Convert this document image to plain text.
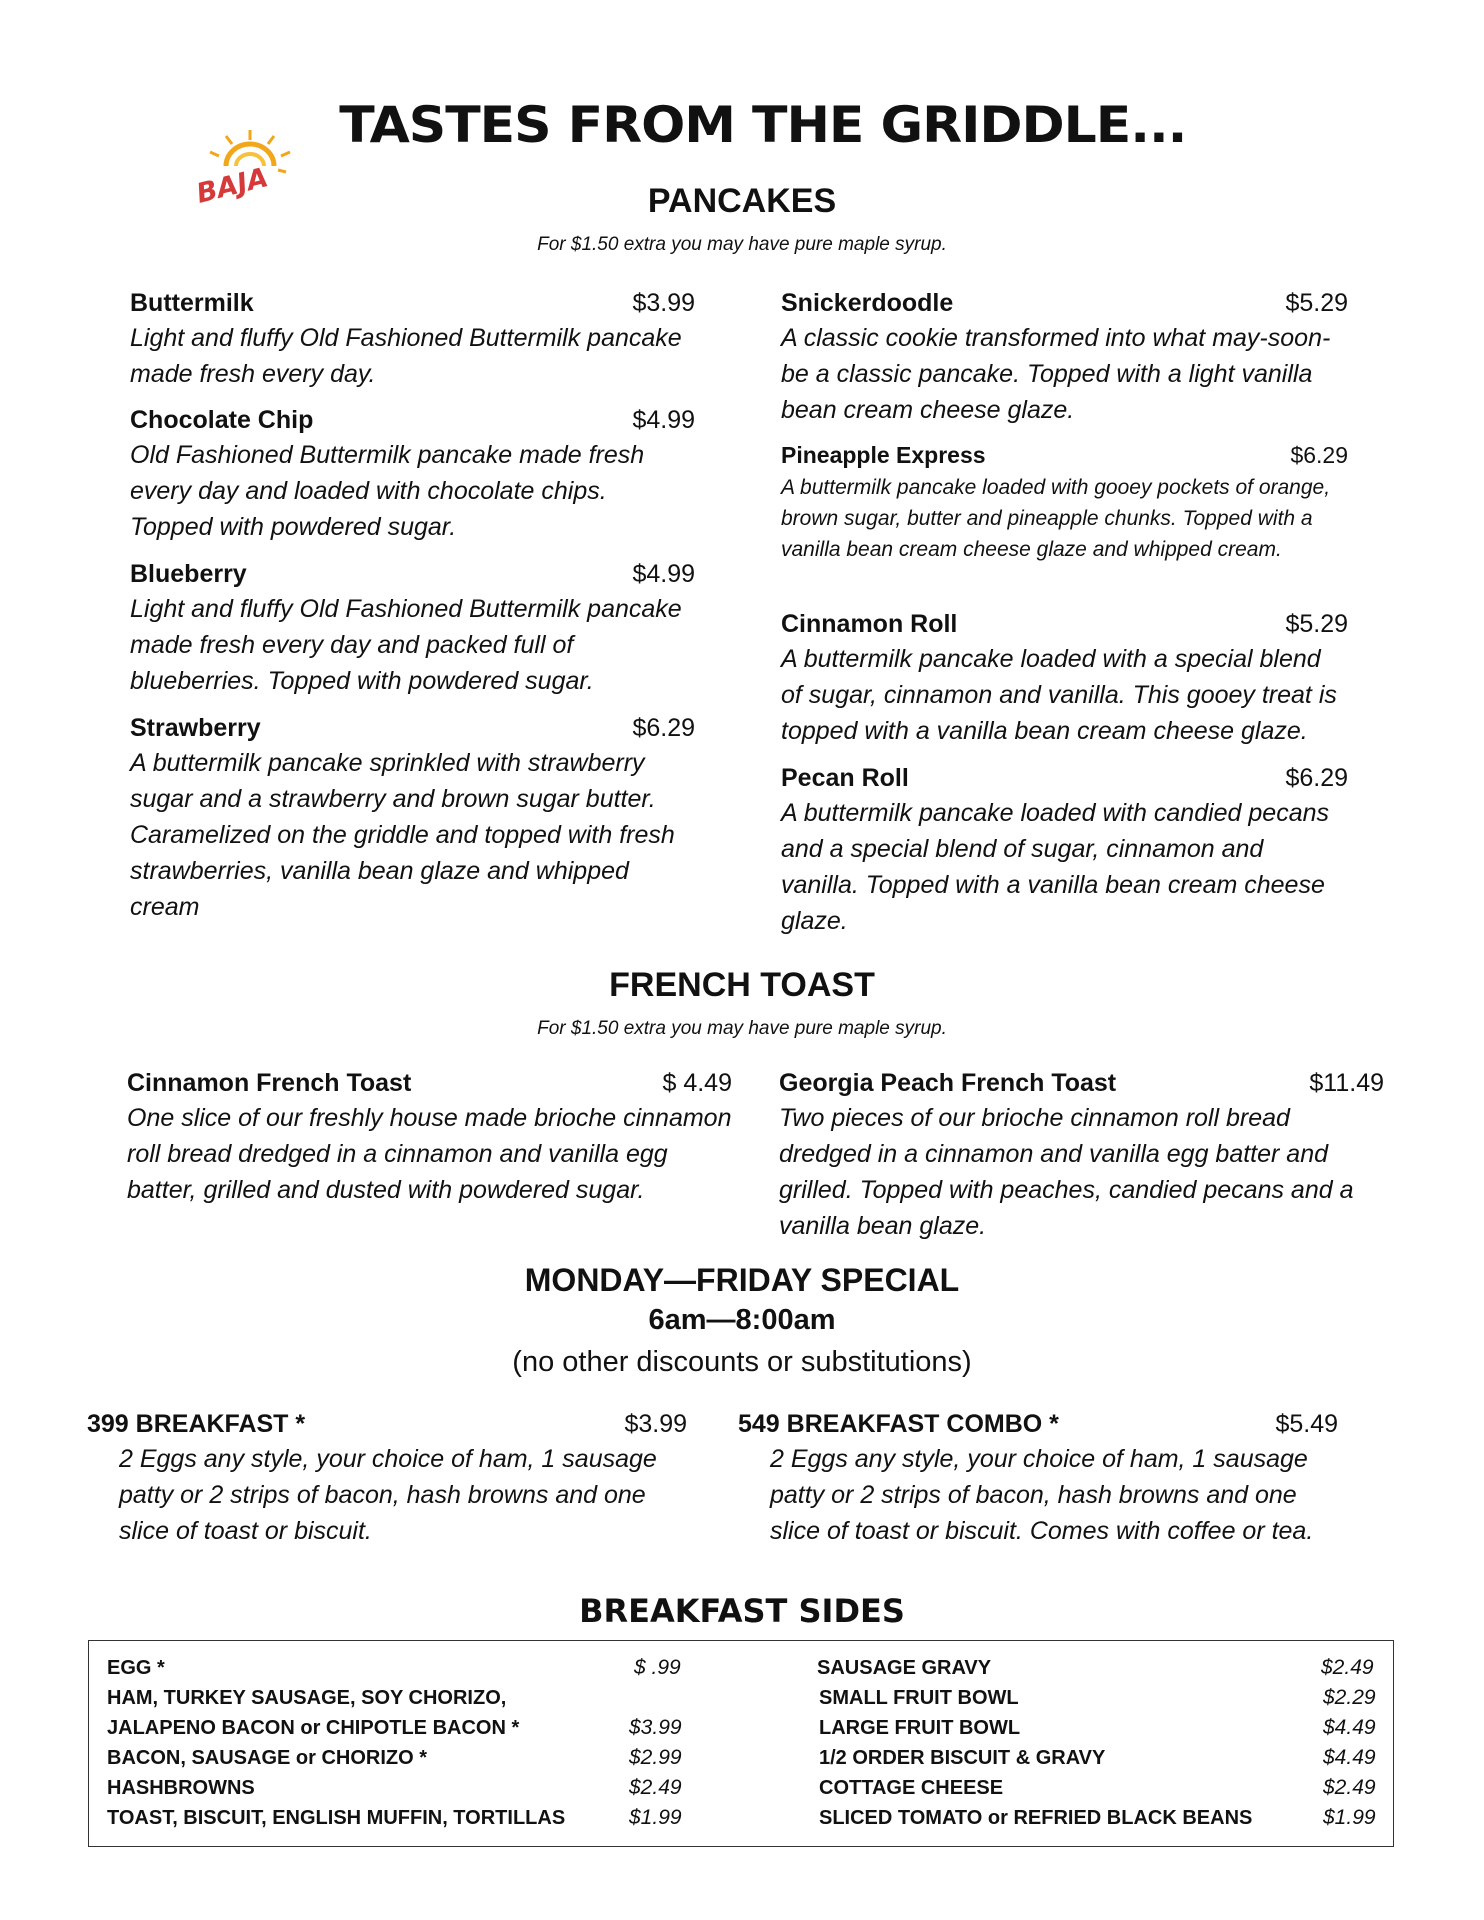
BAJA
TASTES FROM THE GRIDDLE...
PANCAKES
For $1.50 extra you may have pure maple syrup.
Buttermilk	$3.99
Light and fluffy Old Fashioned Buttermilk pancake made fresh every day.
Chocolate Chip	$4.99
Old Fashioned Buttermilk pancake made fresh every day and loaded with chocolate chips. Topped with powdered sugar.
Blueberry	$4.99
Light and fluffy Old Fashioned Buttermilk pancake made fresh every day and packed full of blueberries. Topped with powdered sugar.
Strawberry	$6.29
A buttermilk pancake sprinkled with strawberry sugar and a strawberry and brown sugar butter. Caramelized on the griddle and topped with fresh strawberries, vanilla bean glaze and whipped cream
Snickerdoodle	$5.29
A classic cookie transformed into what may-soon-be a classic pancake. Topped with a light vanilla bean cream cheese glaze.
Pineapple Express	$6.29
A buttermilk pancake loaded with gooey pockets of orange, brown sugar, butter and pineapple chunks. Topped with a vanilla bean cream cheese glaze and whipped cream.
Cinnamon Roll	$5.29
A buttermilk pancake loaded with a special blend of sugar, cinnamon and vanilla. This gooey treat is topped with a vanilla bean cream cheese glaze.
Pecan Roll	$6.29
A buttermilk pancake loaded with candied pecans and a special blend of sugar, cinnamon and vanilla. Topped with a vanilla bean cream cheese glaze.
FRENCH TOAST
For $1.50 extra you may have pure maple syrup.
Cinnamon French Toast	$ 4.49
One slice of our freshly house made brioche cinnamon roll bread dredged in a cinnamon and vanilla egg batter, grilled and dusted with powdered sugar.
Georgia Peach French Toast	$11.49
Two pieces of our brioche cinnamon roll bread dredged in a cinnamon and vanilla egg batter and grilled. Topped with peaches, candied pecans and a vanilla bean glaze.
MONDAY—FRIDAY SPECIAL
6am—8:00am
(no other discounts or substitutions)
399 BREAKFAST *	$3.99
2 Eggs any style, your choice of ham, 1 sausage patty or 2 strips of bacon, hash browns and one slice of toast or biscuit.
549 BREAKFAST COMBO *	$5.49
2 Eggs any style, your choice of ham, 1 sausage patty or 2 strips of bacon, hash browns and one slice of toast or biscuit. Comes with coffee or tea.
BREAKFAST SIDES
EGG *	$ .99
HAM, TURKEY SAUSAGE, SOY CHORIZO,
JALAPENO BACON or CHIPOTLE BACON *	$3.99
BACON, SAUSAGE or CHORIZO *	$2.99
HASHBROWNS	$2.49
TOAST, BISCUIT, ENGLISH MUFFIN, TORTILLAS	$1.99
SAUSAGE GRAVY	$2.49
SMALL FRUIT BOWL	$2.29
LARGE FRUIT BOWL	$4.49
1/2 ORDER BISCUIT & GRAVY	$4.49
COTTAGE CHEESE	$2.49
SLICED TOMATO or REFRIED BLACK BEANS	$1.99
